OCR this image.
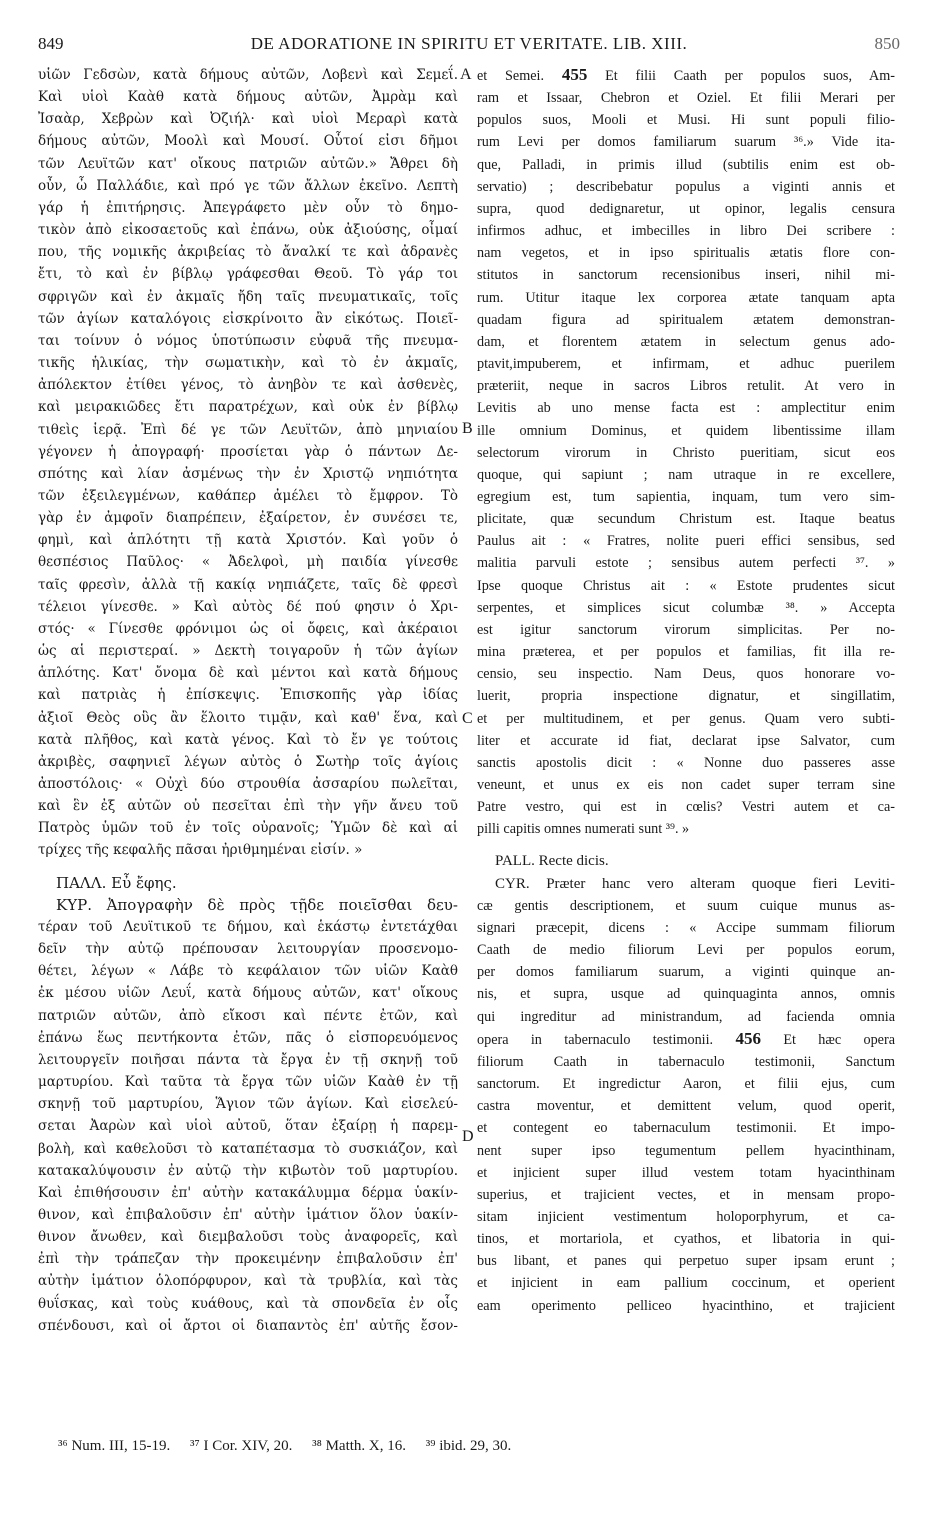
849	DE ADORATIONE IN SPIRITU ET VERITATE. LIB. XIII.	850
υἱῶν Γεδσὼν, κατὰ δήμους αὐτῶν, Λοβενὶ καὶ Σεμεΐ.
Καὶ υἱοὶ Καὰθ κατὰ δήμους αὐτῶν, Ἀμρὰμ καὶ
Ἰσαὰρ, Χεβρὼν καὶ Ὀζιήλ· καὶ υἱοὶ Μεραρὶ κατὰ
δήμους αὐτῶν, Μοολὶ καὶ Μουσί. Οὗτοί εἰσι δῆμοι
τῶν Λευϊτῶν κατ' οἴκους πατριῶν αὐτῶν.» Ἄθρει δὴ
οὖν, ὦ Παλλάδιε, καὶ πρό γε τῶν ἄλλων ἐκεῖνο. Λεπτὴ
γάρ ἡ ἐπιτήρησις. Ἀπεγράφετο μὲν οὖν τὸ δημο-
τικὸν ἀπὸ εἰκοσαετοῦς καὶ ἐπάνω, οὐκ ἀξιούσης, οἶμαί
που, τῆς νομικῆς ἀκριβείας τὸ ἄναλκί τε καὶ ἀδρανὲς
ἔτι, τὸ καὶ ἐν βίβλῳ γράφεσθαι Θεοῦ. Τὸ γάρ τοι
σφριγῶν καὶ ἐν ἀκμαῖς ἤδη ταῖς πνευματικαῖς, τοῖς
τῶν ἁγίων καταλόγοις εἰσκρίνοιτο ἂν εἰκότως. Ποιεῖ-
ται τοίνυν ὁ νόμος ὑποτύπωσιν εὐφυᾶ τῆς πνευμα-
τικῆς ἡλικίας, τὴν σωματικὴν, καὶ τὸ ἐν ἀκμαῖς,
ἀπόλεκτον ἐτίθει γένος, τὸ ἀνηβὸν τε καὶ ἀσθενὲς,
καὶ μειρακιῶδες ἔτι παρατρέχων, καὶ οὐκ ἐν βίβλῳ
τιθεὶς ἱερᾷ. Ἐπὶ δέ γε τῶν Λευϊτῶν, ἀπὸ μηνιαίου
γέγονεν ἡ ἀπογραφή· προσίεται γὰρ ὁ πάντων Δε-
σπότης καὶ λίαν ἀσμένως τὴν ἐν Χριστῷ νηπιότητα
τῶν ἐξειλεγμένων, καθάπερ ἀμέλει τὸ ἔμφρον. Τὸ
γὰρ ἐν ἀμφοῖν διαπρέπειν, ἐξαίρετον, ἐν συνέσει τε,
φημὶ, καὶ ἁπλότητι τῇ κατὰ Χριστόν. Καὶ γοῦν ὁ
θεσπέσιος Παῦλος· « Ἀδελφοὶ, μὴ παιδία γίνεσθε
ταῖς φρεσὶν, ἀλλὰ τῇ κακίᾳ νηπιάζετε, ταῖς δὲ φρεσὶ
τέλειοι γίνεσθε. » Καὶ αὐτὸς δέ πού φησιν ὁ Χρι-
στός· « Γίνεσθε φρόνιμοι ὡς οἱ ὄφεις, καὶ ἀκέραιοι
ὡς αἱ περιστεραί. » Δεκτὴ τοιγαροῦν ἡ τῶν ἁγίων
ἁπλότης. Κατ' ὄνομα δὲ καὶ μέντοι καὶ κατὰ δήμους
καὶ πατριὰς ἡ ἐπίσκεψις. Ἐπισκοπῆς γὰρ ἰδίας
ἀξιοῖ Θεὸς οὓς ἂν ἕλοιτο τιμᾷν, καὶ καθ' ἕνα, καὶ
κατὰ πλῆθος, καὶ κατὰ γένος. Καὶ τὸ ἔν γε τούτοις
ἀκριβὲς, σαφηνιεῖ λέγων αὐτὸς ὁ Σωτὴρ τοῖς ἁγίοις
ἀποστόλοις· « Οὐχὶ δύο στρουθία ἀσσαρίου πωλεῖται,
καὶ ἓν ἐξ αὐτῶν οὐ πεσεῖται ἐπὶ τὴν γῆν ἄνευ τοῦ
Πατρὸς ὑμῶν τοῦ ἐν τοῖς οὐρανοῖς; Ὑμῶν δὲ καὶ αἱ
τρίχες τῆς κεφαλῆς πᾶσαι ἠριθμημέναι εἰσίν. »
ΠΑΛΛ. Εὖ ἔφης.
ΚΥΡ. Ἀπογραφὴν δὲ πρὸς τῇδε ποιεῖσθαι δευ-
τέραν τοῦ Λευϊτικοῦ τε δήμου, καὶ ἑκάστῳ ἐντετάχθαι
δεῖν τὴν αὐτῷ πρέπουσαν λειτουργίαν προσενομο-
θέτει, λέγων « Λάβε τὸ κεφάλαιον τῶν υἱῶν Καὰθ
ἐκ μέσου υἱῶν Λευΐ, κατὰ δήμους αὐτῶν, κατ' οἴκους
πατριῶν αὐτῶν, ἀπὸ εἴκοσι καὶ πέντε ἐτῶν, καὶ
ἐπάνω ἕως πεντήκοντα ἐτῶν, πᾶς ὁ εἰσπορευόμενος
λειτουργεῖν ποιῆσαι πάντα τὰ ἔργα ἐν τῇ σκηνῇ τοῦ
μαρτυρίου. Καὶ ταῦτα τὰ ἔργα τῶν υἱῶν Καὰθ ἐν τῇ
σκηνῇ τοῦ μαρτυρίου, Ἅγιον τῶν ἁγίων. Καὶ εἰσελεύ-
σεται Ἀαρὼν καὶ υἱοὶ αὐτοῦ, ὅταν ἐξαίρῃ ἡ παρεμ-
βολὴ, καὶ καθελοῦσι τὸ καταπέτασμα τὸ συσκιάζον, καὶ
κατακαλύψουσιν ἐν αὐτῷ τὴν κιβωτὸν τοῦ μαρτυρίου.
Καὶ ἐπιθήσουσιν ἐπ' αὐτὴν κατακάλυμμα δέρμα ὑακίν-
θινον, καὶ ἐπιβαλοῦσιν ἐπ' αὐτὴν ἱμάτιον ὅλον ὑακίν-
θινον ἄνωθεν, καὶ διεμβαλοῦσι τοὺς ἀναφορεῖς, καὶ
ἐπὶ τὴν τράπεζαν τὴν προκειμένην ἐπιβαλοῦσιν ἐπ'
αὐτὴν ἱμάτιον ὁλοπόρφυρον, καὶ τὰ τρυβλία, καὶ τὰς
θυΐσκας, καὶ τοὺς κυάθους, καὶ τὰ σπονδεῖα ἐν οἷς
σπένδουσι, καὶ οἱ ἄρτοι οἱ διαπαντὸς ἐπ' αὐτῆς ἔσον-
et Semei. 455 Et filii Caath per populos suos, Am-
ram et Issaar, Chebron et Oziel. Et filii Merari per
populos suos, Mooli et Musi. Hi sunt populi filio-
rum Levi per domos familiarum suarum ³⁶.» Vide ita-
que, Palladi, in primis illud (subtilis enim est ob-
servatio) ; describebatur populus a viginti annis et
supra, quod dedignaretur, ut opinor, legalis censura
infirmos adhuc, et imbecilles in libro Dei scribere :
nam vegetos, et in ipso spiritualis ætatis flore con-
stitutos in sanctorum recensionibus inseri, nihil mi-
rum. Utitur itaque lex corporea ætate tanquam apta
quadam figura ad spiritualem ætatem demonstran-
dam, et florentem ætatem in selectum genus ado-
ptavit,impuberem, et infirmam, et adhuc puerilem
præteriit, neque in sacros Libros retulit. At vero in
Levitis ab uno mense facta est : amplectitur enim
ille omnium Dominus, et quidem libentissime illam
selectorum virorum in Christo pueritiam, sicut eos
quoque, qui sapiunt ; nam utraque in re excellere,
egregium est, tum sapientia, inquam, tum vero sim-
plicitate, quæ secundum Christum est. Itaque beatus
Paulus ait : « Fratres, nolite pueri effici sensibus, sed
malitia parvuli estote ; sensibus autem perfecti ³⁷. »
Ipse quoque Christus ait : « Estote prudentes sicut
serpentes, et simplices sicut columbæ ³⁸. » Accepta
est igitur sanctorum virorum simplicitas. Per no-
mina præterea, et per populos et familias, fit illa re-
censio, seu inspectio. Nam Deus, quos honorare vo-
luerit, propria inspectione dignatur, et singillatim,
et per multitudinem, et per genus. Quam vero subti-
liter et accurate id fiat, declarat ipse Salvator, cum
sanctis apostolis dicit : « Nonne duo passeres asse
veneunt, et unus ex eis non cadet super terram sine
Patre vestro, qui est in cœlis? Vestri autem et ca-
pilli capitis omnes numerati sunt ³⁹. »
PALL. Recte dicis.
CYR. Præter hanc vero alteram quoque fieri Leviti-
cæ gentis descriptionem, et suum cuique munus as-
signari præcepit, dicens : « Accipe summam filiorum
Caath de medio filiorum Levi per populos eorum,
per domos familiarum suarum, a viginti quinque an-
nis, et supra, usque ad quinquaginta annos, omnis
qui ingreditur ad ministrandum, ad facienda omnia
opera in tabernaculo testimonii. 456 Et hæc opera
filiorum Caath in tabernaculo testimonii, Sanctum
sanctorum. Et ingredictur Aaron, et filii ejus, cum
castra moventur, et demittent velum, quod operit,
et contegent eo tabernaculum testimonii. Et impo-
nent super ipso tegumentum pellem hyacinthinam,
et injicient super illud vestem totam hyacinthinam
superius, et trajicient vectes, et in mensam propo-
sitam injicient vestimentum holoporphyrum, et ca-
tinos, et mortariola, et cyathos, et libatoria in qui-
bus libant, et panes qui perpetuo super ipsam erunt ;
et injicient in eam pallium coccinum, et operient
eam operimento pelliceo hyacinthino, et trajicient
A
B
C
D
³⁶ Num. III, 15-19. ³⁷ I Cor. XIV, 20. ³⁸ Matth. X, 16. ³⁹ ibid. 29, 30.
